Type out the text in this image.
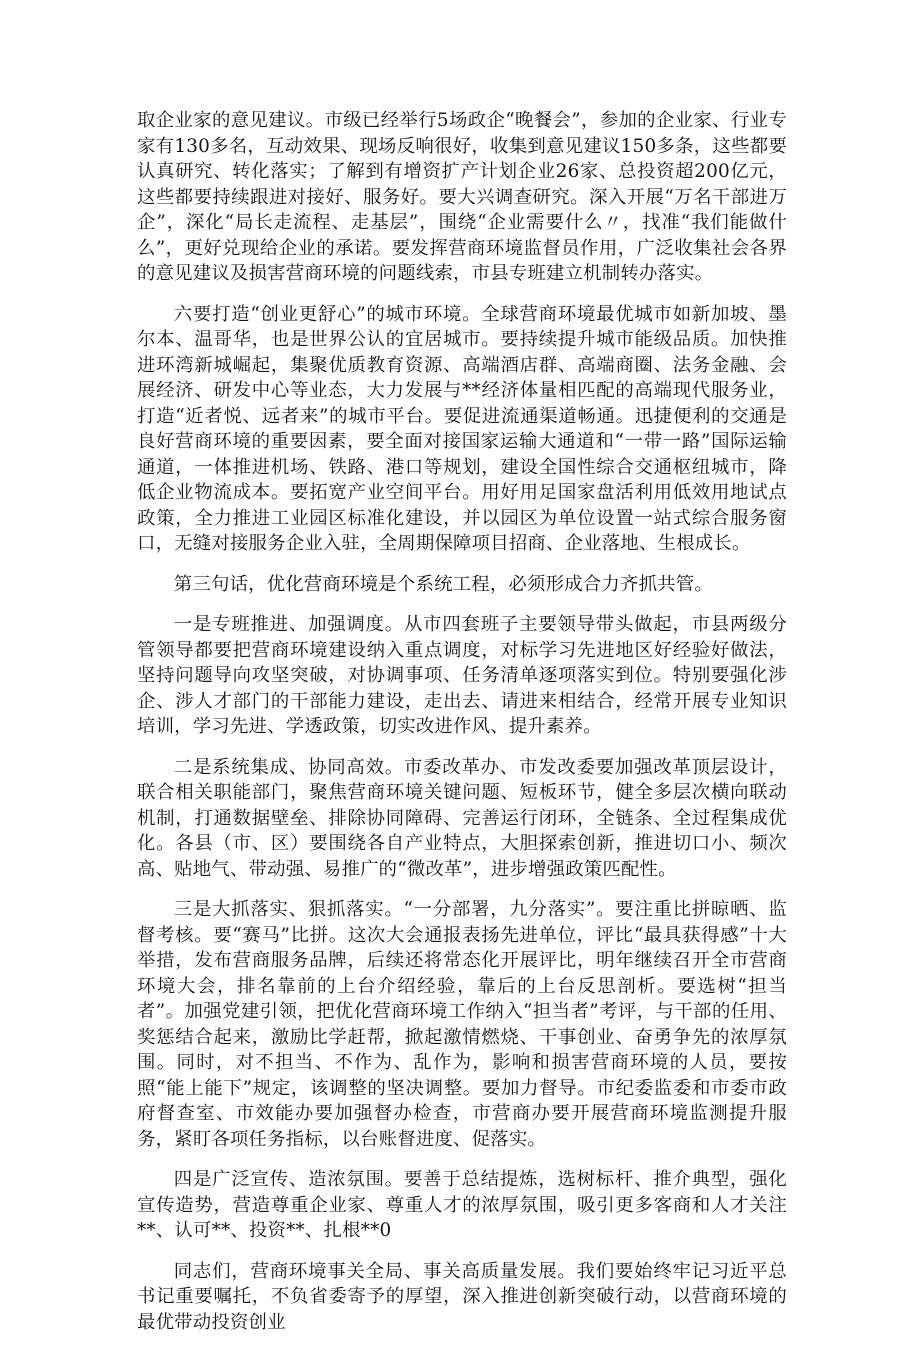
取企业家的意见建议。市级已经举行5场政企“晚餐会”，参加的企业家、行业专家有130多名，互动效果、现场反响很好，收集到意见建议150多条，这些都要认真研究、转化落实；了解到有增资扩产计划企业26家、总投资超200亿元，这些都要持续跟进对接好、服务好。要大兴调查研究。深入开展“万名干部进万企”，深化“局长走流程、走基层”，围绕“企业需要什么〃，找准“我们能做什么”，更好兑现给企业的承诺。要发挥营商环境监督员作用，广泛收集社会各界的意见建议及损害营商环境的问题线索，市县专班建立机制转办落实。

六要打造“创业更舒心”的城市环境。全球营商环境最优城市如新加坡、墨尔本、温哥华，也是世界公认的宜居城市。要持续提升城市能级品质。加快推进环湾新城崛起，集聚优质教育资源、高端酒店群、高端商圈、法务金融、会展经济、研发中心等业态，大力发展与**经济体量相匹配的高端现代服务业，打造“近者悦、远者来”的城市平台。要促进流通渠道畅通。迅捷便利的交通是良好营商环境的重要因素，要全面对接国家运输大通道和“一带一路”国际运输通道，一体推进机场、铁路、港口等规划，建设全国性综合交通枢纽城市，降低企业物流成本。要拓宽产业空间平台。用好用足国家盘活利用低效用地试点政策，全力推进工业园区标准化建设，并以园区为单位设置一站式综合服务窗口，无缝对接服务企业入驻，全周期保障项目招商、企业落地、生根成长。

第三句话，优化营商环境是个系统工程，必须形成合力齐抓共管。

一是专班推进、加强调度。从市四套班子主要领导带头做起，市县两级分管领导都要把营商环境建设纳入重点调度，对标学习先进地区好经验好做法，坚持问题导向攻坚突破，对协调事项、任务清单逐项落实到位。特别要强化涉企、涉人才部门的干部能力建设，走出去、请进来相结合，经常开展专业知识培训，学习先进、学透政策，切实改进作风、提升素养。

二是系统集成、协同高效。市委改革办、市发改委要加强改革顶层设计，联合相关职能部门，聚焦营商环境关键问题、短板环节，健全多层次横向联动机制，打通数据壁垒、排除协同障碍、完善运行闭环，全链条、全过程集成优化。各县（市、区）要围绕各自产业特点，大胆探索创新，推进切口小、频次高、贴地气、带动强、易推广的“微改革”，进步增强政策匹配性。

三是大抓落实、狠抓落实。“一分部署，九分落实”。要注重比拼晾晒、监督考核。要“赛马”比拼。这次大会通报表扬先进单位，评比“最具获得感”十大举措，发布营商服务品牌，后续还将常态化开展评比，明年继续召开全市营商环境大会，排名靠前的上台介绍经验，靠后的上台反思剖析。要选树“担当者”。加强党建引领，把优化营商环境工作纳入“担当者”考评，与干部的任用、奖惩结合起来，激励比学赶帮，掀起激情燃烧、干事创业、奋勇争先的浓厚氛围。同时，对不担当、不作为、乱作为，影响和损害营商环境的人员，要按照“能上能下”规定，该调整的坚决调整。要加力督导。市纪委监委和市委市政府督查室、市效能办要加强督办检查，市营商办要开展营商环境监测提升服务，紧盯各项任务指标，以台账督进度、促落实。

四是广泛宣传、造浓氛围。要善于总结提炼，选树标杆、推介典型，强化宣传造势，营造尊重企业家、尊重人才的浓厚氛围，吸引更多客商和人才关注**、认可**、投资**、扎根**0

同志们，营商环境事关全局、事关高质量发展。我们要始终牢记习近平总书记重要嘱托，不负省委寄予的厚望，深入推进创新突破行动，以营商环境的最优带动投资创业
